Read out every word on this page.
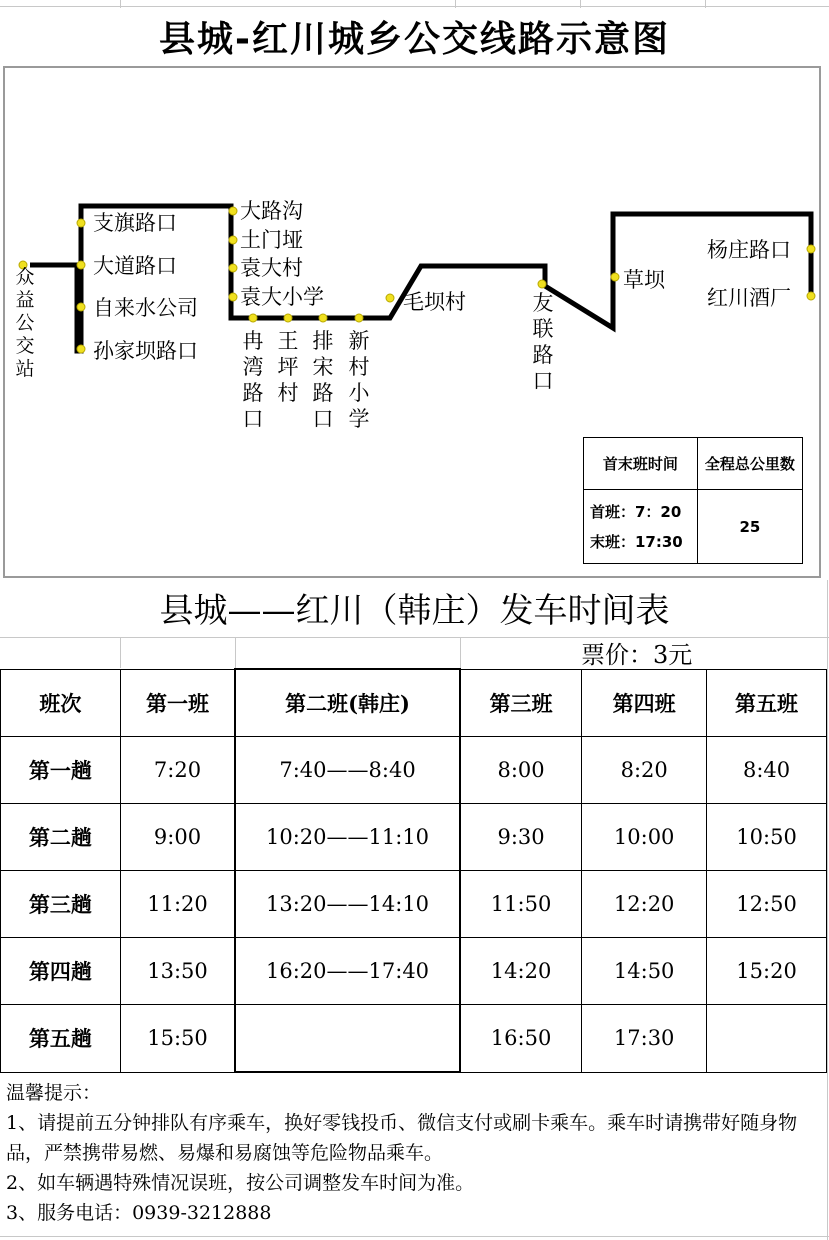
县城-红川城乡公交线路示意图
众益公交站
支旗路口
大道路口
自来水公司
孙家坝路口
大路沟
土门垭
袁大村
袁大小学
冉湾路口
王坪村
排宋路口
新村小学
毛坝村	友联路口
草坝
杨庄路口
红川酒厂
首末班时间	全程总公里数

首班：7：20
末班：17:30	25
县城——红川（韩庄）发车时间表
票价：3元
班次	第一班	第二班(韩庄)	第三班	第四班	第五班
第一趟	7:20	7:40——8:40	8:00	8:20	8:40
第二趟	9:00	10:20——11:10	9:30	10:00	10:50
第三趟	11:20	13:20——14:10	11:50	12:20	12:50
第四趟	13:50	16:20——17:40	14:20	14:50	15:20
第五趟	15:50		16:50	17:30	

温馨提示：

1、请提前五分钟排队有序乘车，换好零钱投币、微信支付或刷卡乘车。乘车时请携带好随身物品，严禁携带易燃、易爆和易腐蚀等危险物品乘车。

2、如车辆遇特殊情况误班，按公司调整发车时间为准。

3、服务电话：0939-3212888
